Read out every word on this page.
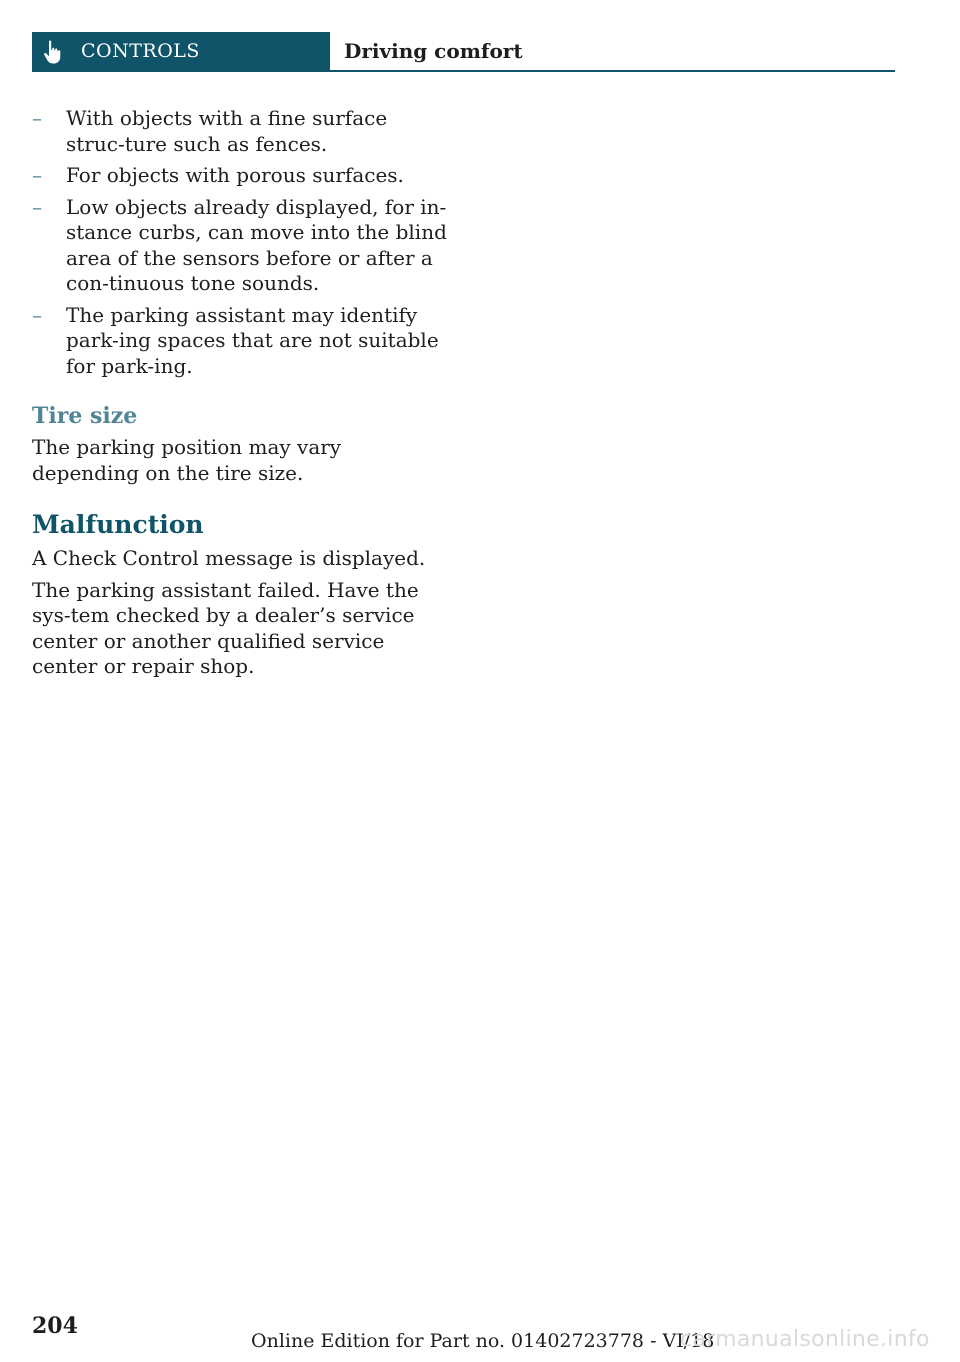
CONTROLS	Driving comfort
– With objects with a fine surface struc-ture such as fences.
– For objects with porous surfaces.
– Low objects already displayed, for in-stance curbs, can move into the blind area of the sensors before or after a con-tinuous tone sounds.
– The parking assistant may identify park-ing spaces that are not suitable for park-ing.
Tire size

The parking position may vary depending on the tire size.

Malfunction

A Check Control message is displayed.

The parking assistant failed. Have the sys-tem checked by a dealer’s service center or another qualified service center or repair shop.

204
Online Edition for Part no. 01402723778 - VI/18
carmanualsonline.info
